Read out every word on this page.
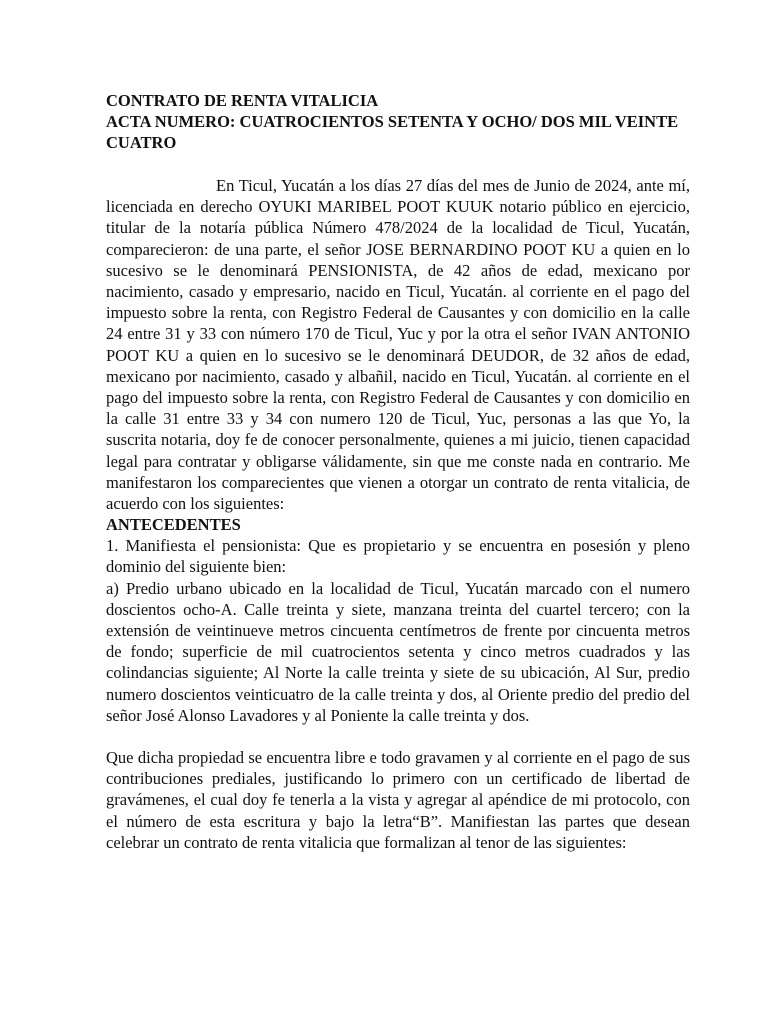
CONTRATO DE RENTA VITALICIA

ACTA NUMERO: CUATROCIENTOS SETENTA Y OCHO/ DOS MIL VEINTE CUATRO

En Ticul, Yucatán a los días 27 días del mes de Junio de 2024, ante mí, licenciada en derecho OYUKI MARIBEL POOT KUUK notario público en ejercicio, titular de la notaría pública Número 478/2024 de la localidad de Ticul, Yucatán, comparecieron: de una parte, el señor JOSE BERNARDINO POOT KU a quien en lo sucesivo se le denominará PENSIONISTA, de 42 años de edad, mexicano por nacimiento, casado y empresario, nacido en Ticul, Yucatán. al corriente en el pago del impuesto sobre la renta, con Registro Federal de Causantes y con domicilio en la calle 24 entre 31 y 33 con número 170 de Ticul, Yuc y por la otra el señor IVAN ANTONIO POOT KU a quien en lo sucesivo se le denominará DEUDOR, de 32 años de edad, mexicano por nacimiento, casado y albañil, nacido en Ticul, Yucatán. al corriente en el pago del impuesto sobre la renta, con Registro Federal de Causantes y con domicilio en la calle 31 entre 33 y 34 con numero 120 de Ticul, Yuc, personas a las que Yo, la suscrita notaria, doy fe de conocer personalmente, quienes a mi juicio, tienen capacidad legal para contratar y obligarse válidamente, sin que me conste nada en contrario. Me manifestaron los comparecientes que vienen a otorgar un contrato de renta vitalicia, de acuerdo con los siguientes:

ANTECEDENTES

1. Manifiesta el pensionista: Que es propietario y se encuentra en posesión y pleno dominio del siguiente bien:

a) Predio urbano ubicado en la localidad de Ticul, Yucatán marcado con el numero doscientos ocho-A. Calle treinta y siete, manzana treinta del cuartel tercero; con la extensión de veintinueve metros cincuenta centímetros de frente por cincuenta metros de fondo; superficie de mil cuatrocientos setenta y cinco metros cuadrados y las colindancias siguiente; Al Norte la calle treinta y siete de su ubicación, Al Sur, predio numero doscientos veinticuatro de la calle treinta y dos, al Oriente predio del predio del señor José Alonso Lavadores y al Poniente la calle treinta y dos.

Que dicha propiedad se encuentra libre e todo gravamen y al corriente en el pago de sus contribuciones prediales, justificando lo primero con un certificado de libertad de gravámenes, el cual doy fe tenerla a la vista y agregar al apéndice de mi protocolo, con el número de esta escritura y bajo la letra“B”. Manifiestan las partes que desean celebrar un contrato de renta vitalicia que formalizan al tenor de las siguientes:
